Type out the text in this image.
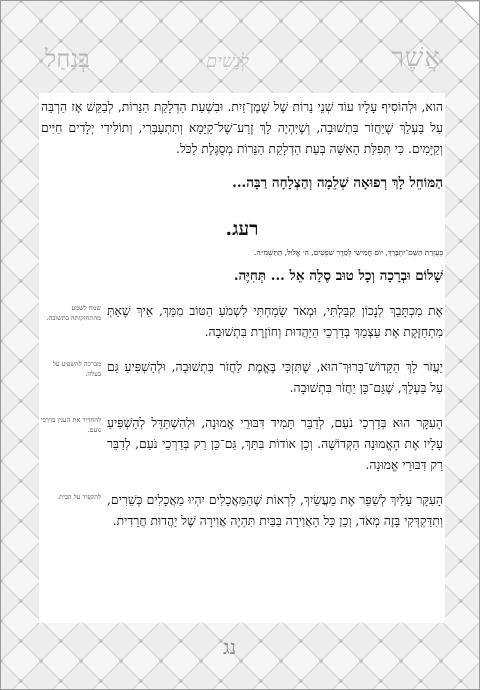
אֲשֶׁר
לְנָשִׁים
בְּנַחַל

הוא, וּלְהוֹסִיף עָלָיו עוֹד שְׁנֵי נֵרוֹת שֶׁל שֶׁמֶן־זַיִת. וּבִשְׁעַת הַדְלָקַת הַנֵּרוֹת, לְבַקֵּשׁ אָז הַרְבֵּה עַל בַּעְלֵךְ שֶׁיַּחֲזֹר בִּתְשׁוּבָה, וְשֶׁיִּהְיֶה לָךְ זֶרַע־שֶׁל־קַיָּמָא וְתִתְעַבְּרִי, וְתוֹלִידִי יְלָדִים חַיִּים וְקַיָּמִים. כִּי תְּפִלַּת הָאִשָּׁה בְּעֵת הַדְלָקַת הַנֵּרוֹת מְסֻגֶּלֶת לַכֹּל.

הַמּוֹחֵל לָךְ רְפוּאָה שְׁלֵמָה וְהַצְלָחָה רַבָּה...

רעג.

בְּעֶזְרַת הַשֵּׁם־יִתְבָּרַךְ, יוֹם חֲמִישִׁי לְסֵדֶר שֹׁפְטִים, ה׳ אֱלוּל, הַתַּשְׁמ״ה.

שָׁלוֹם וּבְרָכָה וְכָל טוּב סֶלָה אֵל ... תְּחִיֶּה.

שמח לשמע מהתחזקותה בתשובה. אֶת מִכְתָּבֵךְ לְנָכוֹן קִבַּלְתִּי, וּמְאֹד שָׂמַחְתִּי לִשְׁמֹעַ הַטּוֹב מִמֵּךְ, אֵיךְ שֶׁאַתְּ מִתְחַזֶּקֶת אֶת עַצְמֵךְ בְּדַרְכֵי הַיַּהֲדוּת וְחוֹזֶרֶת בִּתְשׁוּבָה.

מברכה להשפיע על בעלה. יַעֲזֹר לָךְ הַקָּדוֹשׁ־בָּרוּךְ־הוּא, שֶׁתִּזְכִּי בֶּאֱמֶת לַחֲזֹר בִּתְשׁוּבָה, וּלְהַשְׁפִּיעַ גַּם עַל בַּעְלֵךְ, שֶׁגַּם־כֵּן יַחֲזֹר בִּתְשׁוּבָה.

להחדיר את הענין בדרכי נועם. הָעִקָּר הוּא בְּדַרְכֵי נֹעַם, לְדַבֵּר תָּמִיד דִּבּוּרֵי אֱמוּנָה, וּלְהִשְׁתַּדֵּל לְהַשְׁפִּיעַ עָלָיו אֶת הָאֱמוּנָה הַקְּדוֹשָׁה. וְכֵן אוֹדוֹת בִּתֵּךְ, גַּם־כֵּן רַק בְּדַרְכֵי נֹעַם, לְדַבֵּר רַק דִּבּוּרֵי אֱמוּנָה.

להקפיד על הבית. הָעִקָּר עָלַיִךְ לְשַׁפֵּר אֶת מַעֲשַׂיִךְ, לִרְאוֹת שֶׁהַמַּאֲכָלִים יִהְיוּ מַאֲכָלִים כְּשֵׁרִים, וְתִדַּקְדְּקִי בָּזֶה מְאֹד, וְכֵן כָּל הָאֲוִירָה בַּבַּיִת תִּהְיֶה אֲוִירָה שֶׁל יַהֲדוּת חֲרֵדִית.

נג
